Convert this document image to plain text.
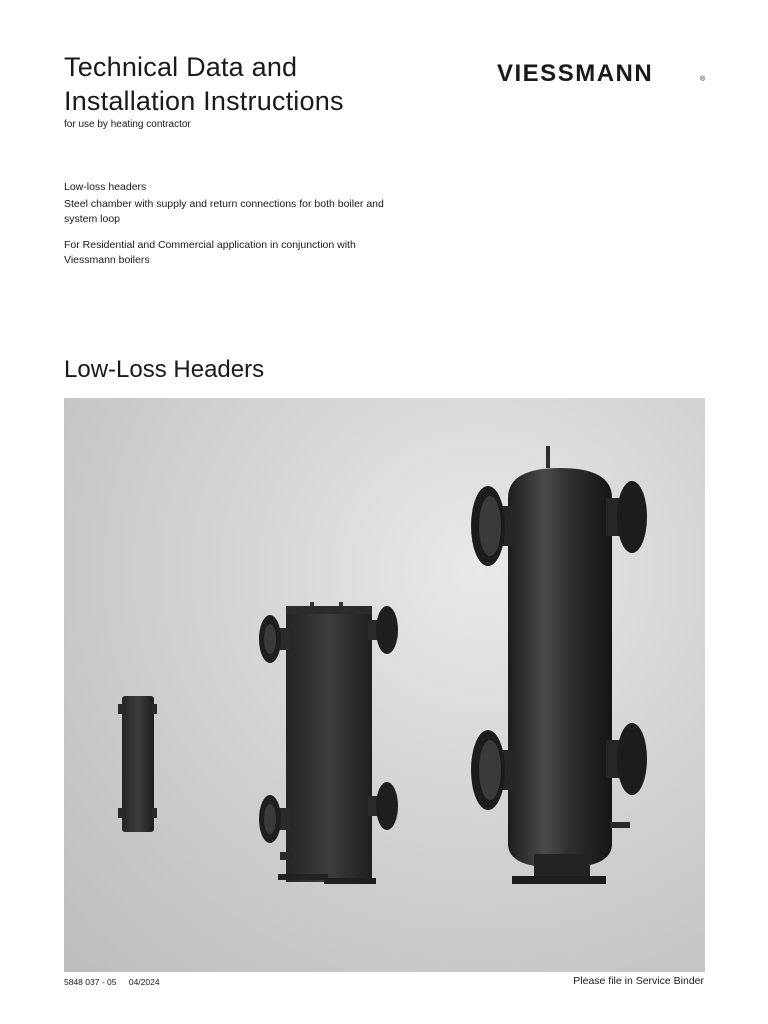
Technical Data and
Installation Instructions
for use by heating contractor
VIESSMANN	®
Low-loss headers
Steel chamber with supply and return connections for both boiler and system loop
For Residential and Commercial application in conjunction with Viessmann boilers
Low-Loss Headers
5848 037 - 05 04/2024	Please file in Service Binder
